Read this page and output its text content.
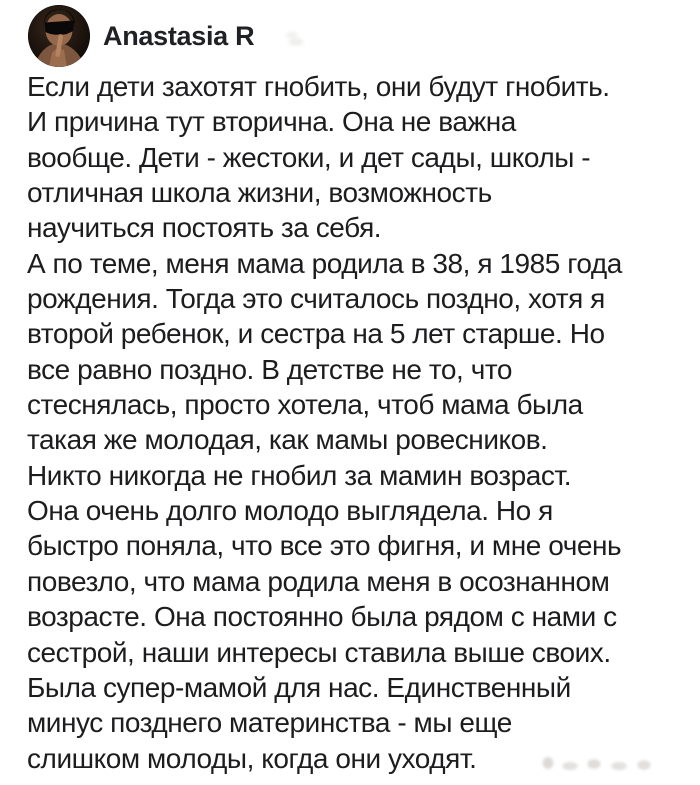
Anastasia R
Если дети захотят гнобить, они будут гнобить.
И причина тут вторична. Она не важна
вообще. Дети - жестоки, и дет сады, школы -
отличная школа жизни, возможность
научиться постоять за себя.
А по теме, меня мама родила в 38, я 1985 года
рождения. Тогда это считалось поздно, хотя я
второй ребенок, и сестра на 5 лет старше. Но
все равно поздно. В детстве не то, что
стеснялась, просто хотела, чтоб мама была
такая же молодая, как мамы ровесников.
Никто никогда не гнобил за мамин возраст.
Она очень долго молодо выглядела. Но я
быстро поняла, что все это фигня, и мне очень
повезло, что мама родила меня в осознанном
возрасте. Она постоянно была рядом с нами с
сестрой, наши интересы ставила выше своих.
Была супер-мамой для нас. Единственный
минус позднего материнства - мы еще
слишком молоды, когда они уходят.
